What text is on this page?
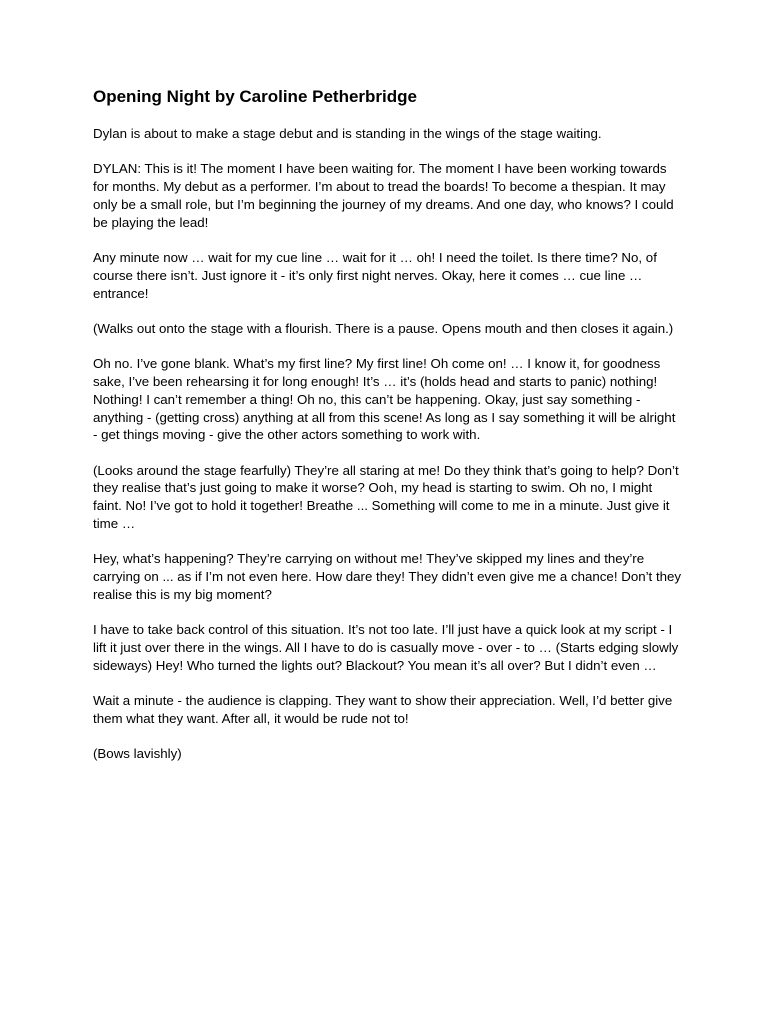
Opening Night by Caroline Petherbridge

Dylan is about to make a stage debut and is standing in the wings of the stage waiting.

DYLAN: This is it! The moment I have been waiting for. The moment I have been working towards for months. My debut as a performer. I’m about to tread the boards! To become a thespian. It may only be a small role, but I’m beginning the journey of my dreams. And one day, who knows? I could be playing the lead!

Any minute now … wait for my cue line … wait for it … oh! I need the toilet. Is there time? No, of course there isn’t. Just ignore it - it’s only first night nerves. Okay, here it comes … cue line … entrance!

(Walks out onto the stage with a flourish. There is a pause. Opens mouth and then closes it again.)

Oh no. I’ve gone blank. What’s my first line? My first line! Oh come on! … I know it, for goodness sake, I’ve been rehearsing it for long enough! It’s … it’s (holds head and starts to panic) nothing! Nothing! I can’t remember a thing! Oh no, this can’t be happening. Okay, just say something - anything - (getting cross) anything at all from this scene! As long as I say something it will be alright - get things moving - give the other actors something to work with.

(Looks around the stage fearfully) They’re all staring at me! Do they think that’s going to help? Don’t they realise that’s just going to make it worse? Ooh, my head is starting to swim. Oh no, I might faint. No! I’ve got to hold it together! Breathe ... Something will come to me in a minute. Just give it time …

Hey, what’s happening? They’re carrying on without me! They’ve skipped my lines and they’re carrying on ... as if I’m not even here. How dare they! They didn’t even give me a chance! Don’t they realise this is my big moment?

I have to take back control of this situation. It’s not too late. I’ll just have a quick look at my script - I lift it just over there in the wings. All I have to do is casually move - over - to … (Starts edging slowly sideways) Hey! Who turned the lights out? Blackout? You mean it’s all over? But I didn’t even …

Wait a minute - the audience is clapping. They want to show their appreciation. Well, I’d better give them what they want. After all, it would be rude not to!

(Bows lavishly)
